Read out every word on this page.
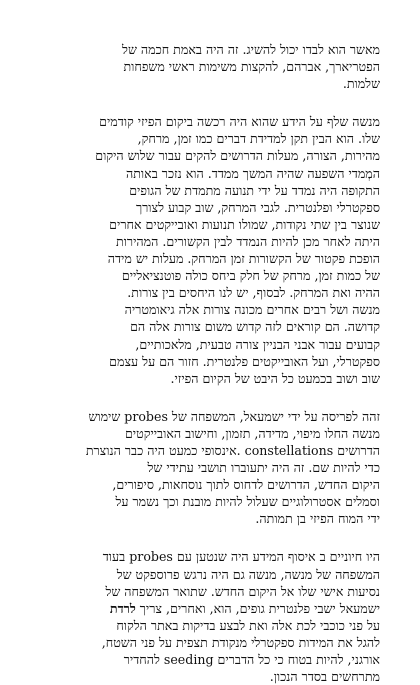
מאשר הוא לבדו יכול להשיג. זה היה באמת חכמה של
הפטריארך, אברהם, להקצות משימות ראשי משפחות
שלמות.

מנשה שלף על הידע שהוא היה רכשה ביקום הפיזי קודמים
שלו. הוא הבין תקן למדידת דברים כמו זמן, מרחק,
מהירות, הצורה, מעלות הדרושים להקים עבור שלוש היקום
המְמדי השפעה שהיה המשך ממדד. הוא נזכר באותה
התקופה היה נמדד על ידי תנועה מתמדת של הגופים
ספקטרלי ופלנטרית. לגבי המרחק, שוב קבוע לצורך
שנוצר בין שתי נקודות, שמולו תנועות ואובייקטים אחרים
היתה לאחר מכן להיות הנמדד לבין הקשורים. המהירות
הופכת פקטור של הקשורות זמן המרחק. מעלות יש מידה
של כמות זמן, מרחק של חלק ביחס כולה פוטנציאליים
ההיה ואת המרחק. לבסוף, יש לנו היחסים בין צורות.
מנשה ושל רבים אחרים מכונה צורות אלה גיאומטריה
קדושה. הם קוראים לזה קדוש משום צורות אלה הם
קבועים עבור אבני הבניין צורה טבעית, מלאכותיים,
ספקטרלי, ועל האובייקטים פלנטרית. חזור הם על עצמם
שוב ושוב בכמעט כל היבט של הקיום הפיזי.

זהה לפריסה על ידי ישמעאל, המשפחה של probes שימוש
מנשה החלו מיפוי, מדידה, תזמון, וחישוב האובייקטים
הדרושים constellations .אינסופי כמעט היה כבר הנוצרת
כדי להיות שם. זה היה יתעוברו תושבי עתידי של
היקום החדש, הדרושים לדחוס לתוך נוסחאות, סיפורים,
וסמלים אסטרולוגיים שעלול להיות מובנת וכך נשמר על
ידי המוח הפיזי בן תמותה.

היו חיוניים ב איסוף המידע היה שנטען עם probes בעוד
המשפחה של מנשה, מנשה גם היה נרגש פרוספקט של
נסיעות אישי שלו אל היקום החדש. שתואר המשפחה של
ישמעאל ישבי פלנטרית גופים, הוא, ואחרים, צריך לרדת
על פני כוכבי לכת אלה ואת לבצע בדיקות באתר הלקוח
להגל את המידות ספקטרלי מנקודת תצפית על פני השטח,
אורגני, להיות בטוח כי כל הדברים seeding להחדיר
מתרחשים בסדר הנכון.
